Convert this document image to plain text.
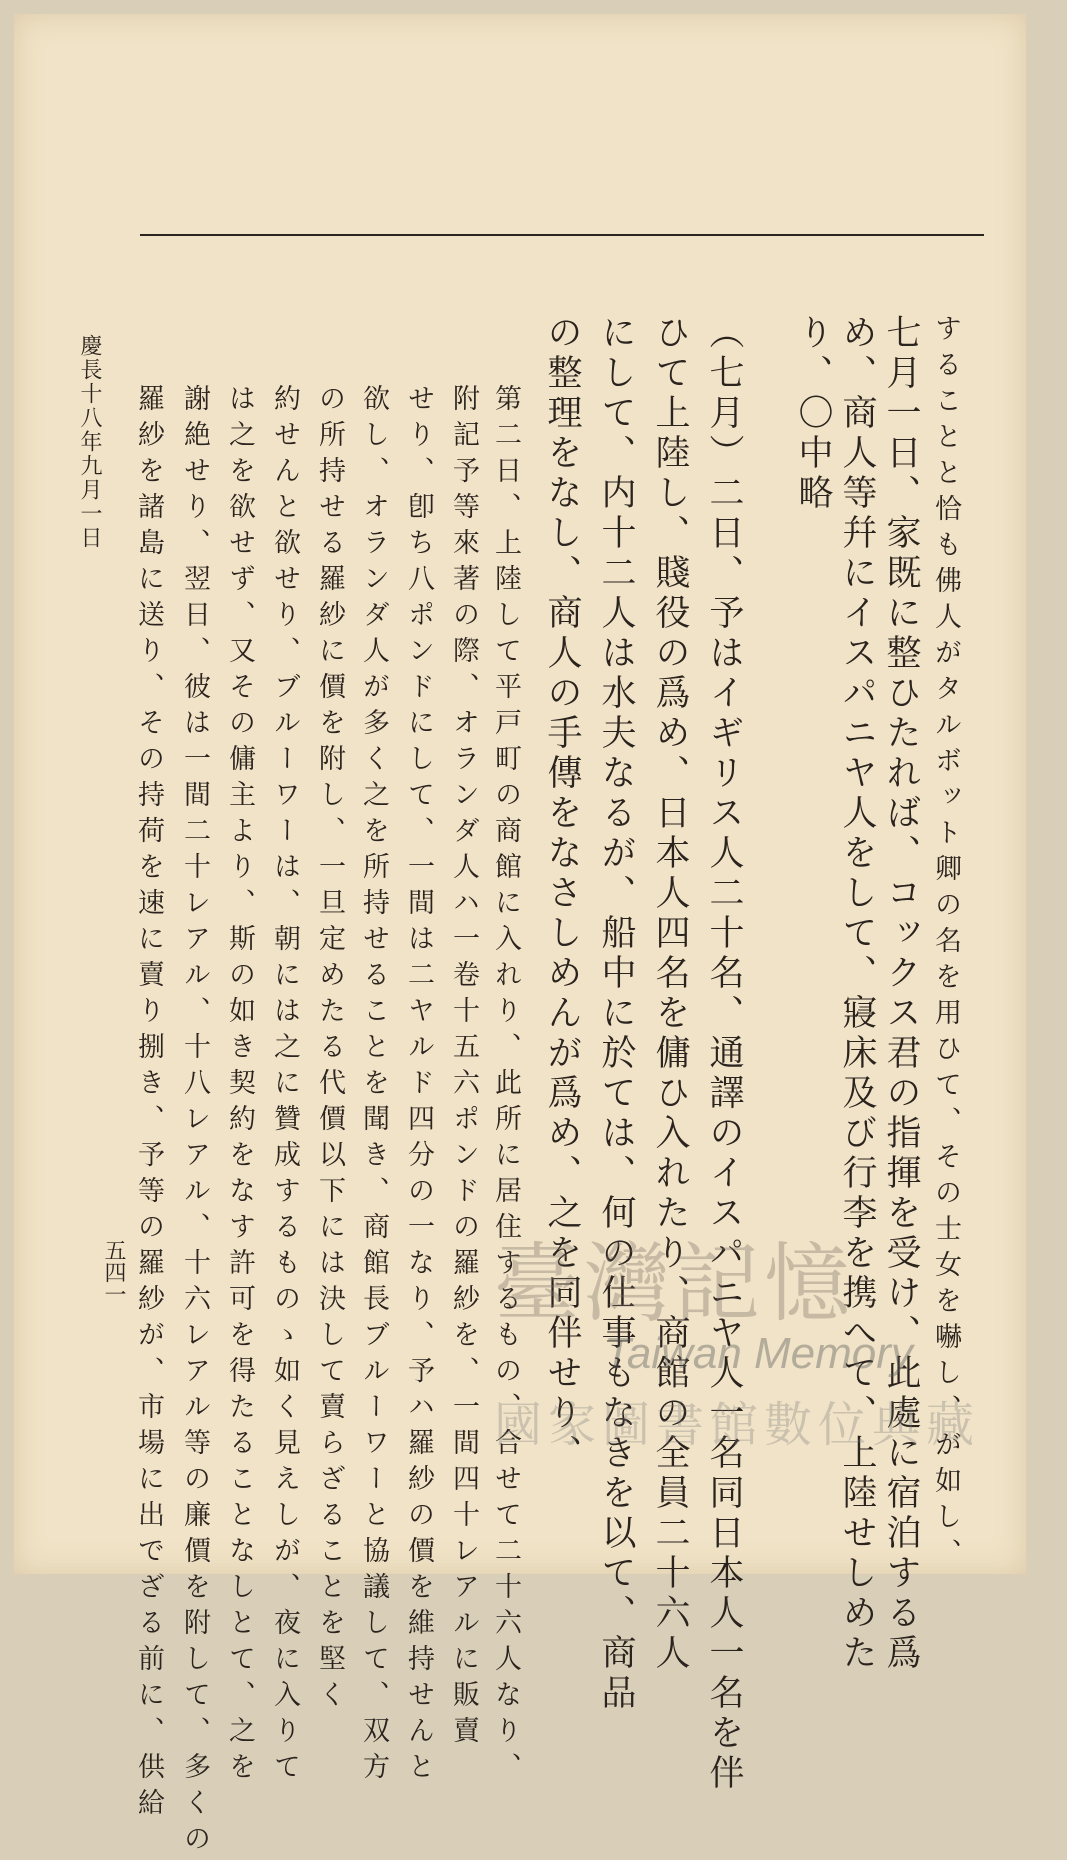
することと恰も佛人がタルボット卿の名を用ひて、その士女を嚇し、が如し、
七月一日、家既に整ひたれば、コックス君の指揮を受け、此處に宿泊する爲
め、商人等幷にイスパニヤ人をして、寢床及び行李を携へて、上陸せしめた
り、〇中略
（七月）二日、予はイギリス人二十名、通譯のイスパニヤ人一名同日本人一名を伴
ひて上陸し、賤役の爲め、日本人四名を傭ひ入れたり、商館の全員二十六人
にして、内十二人は水夫なるが、船中に於ては、何の仕事もなきを以て、商品
の整理をなし、商人の手傳をなさしめんが爲め、之を同伴せり、
第二日、上陸して平戸町の商館に入れり、此所に居住するもの、合せて二十六人なり、
附記予等來著の際、オランダ人ハ一卷十五六ポンドの羅紗を、一間四十レアルに販賣
せり、卽ち八ポンドにして、一間は二ヤルド四分の一なり、予ハ羅紗の價を維持せんと
欲し、オランダ人が多く之を所持せることを聞き、商館長ブルーワーと協議して、双方
の所持せる羅紗に價を附し、一旦定めたる代價以下には決して賣らざることを堅く
約せんと欲せり、ブルーワーは、朝には之に贊成するものゝ如く見えしが、夜に入りて
は之を欲せず、又その傭主より、斯の如き契約をなす許可を得たることなしとて、之を
謝絶せり、翌日、彼は一間二十レアル、十八レアル、十六レアル等の廉價を附して、多くの
羅紗を諸島に送り、その持荷を速に賣り捌き、予等の羅紗が、市場に出でざる前に、供給
慶長十八年九月一日
五四一	臺灣記憶
Taiwan Memory
國家圖書館數位典藏
